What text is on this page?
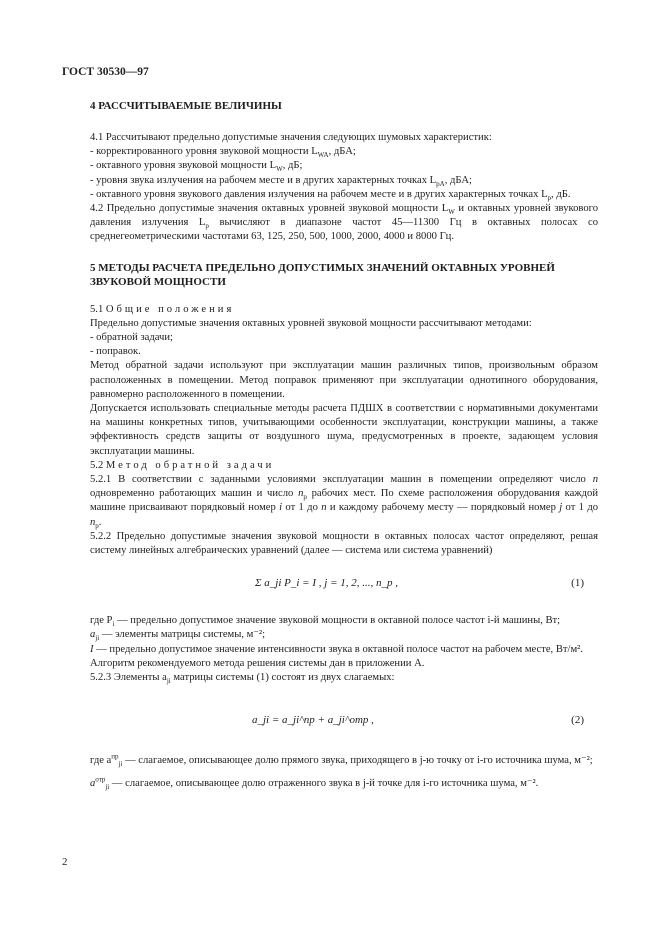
ГОСТ 30530—97
4 РАССЧИТЫВАЕМЫЕ ВЕЛИЧИНЫ

4.1 Рассчитывают предельно допустимые значения следующих шумовых характеристик:

- корректированного уровня звуковой мощности $L_{WA}$, дБА;

- октавного уровня звуковой мощности $L_W$, дБ;

- уровня звука излучения на рабочем месте и в других характерных точках $L_{pA}$, дБА;

- октавного уровня звукового давления излучения на рабочем месте и в других характерных точках $L_p$, дБ.

4.2 Предельно допустимые значения октавных уровней звуковой мощности $L_W$ и октавных уровней звукового давления излучения $L_p$ вычисляют в диапазоне частот 45—11300 Гц в октавных полосах со среднегеометрическими частотами 63, 125, 250, 500, 1000, 2000, 4000 и 8000 Гц.

5 МЕТОДЫ РАСЧЕТА ПРЕДЕЛЬНО ДОПУСТИМЫХ ЗНАЧЕНИЙ ОКТАВНЫХ УРОВНЕЙ ЗВУКОВОЙ МОЩНОСТИ

5.1 Общие положения

Предельно допустимые значения октавных уровней звуковой мощности рассчитывают методами:

- обратной задачи;

- поправок.

Метод обратной задачи используют при эксплуатации машин различных типов, произвольным образом расположенных в помещении. Метод поправок применяют при эксплуатации однотипного оборудования, равномерно расположенного в помещении.

Допускается использовать специальные методы расчета ПДШХ в соответствии с нормативными документами на машины конкретных типов, учитывающими особенности эксплуатации, конструкции машины, а также эффективность средств защиты от воздушного шума, предусмотренных в проекте, задающем условия эксплуатации машины.

5.2 Метод обратной задачи

5.2.1 В соответствии с заданными условиями эксплуатации машин в помещении определяют число n одновременно работающих машин и число $n_p$ рабочих мест. По схеме расположения оборудования каждой машине присваивают порядковый номер i от 1 до n и каждому рабочему месту — порядковый номер j от 1 до $n_p$.

5.2.2 Предельно допустимые значения звуковой мощности в октавных полосах частот определяют, решая систему линейных алгебраических уравнений (далее — система или система уравнений)

Σ a_ji P_i = I , j = 1, 2, ..., n_p ,	(1)

где $P_i$ — предельно допустимое значение звуковой мощности в октавной полосе частот i-й машины, Вт;

$a_{ji}$ — элементы матрицы системы, м⁻²;

I — предельно допустимое значение интенсивности звука в октавной полосе частот на рабочем месте, Вт/м².

Алгоритм рекомендуемого метода решения системы дан в приложении А.

5.2.3 Элементы $a_{ji}$ матрицы системы (1) состоят из двух слагаемых:

a_ji = a_ji^пр + a_ji^отр ,	(2)

где $a^{пр}_{ji}$ — слагаемое, описывающее долю прямого звука, приходящего в j-ю точку от i-го источника шума, м⁻²;

$a^{отр}_{ji}$ — слагаемое, описывающее долю отраженного звука в j-й точке для i-го источника шума, м⁻².

2
